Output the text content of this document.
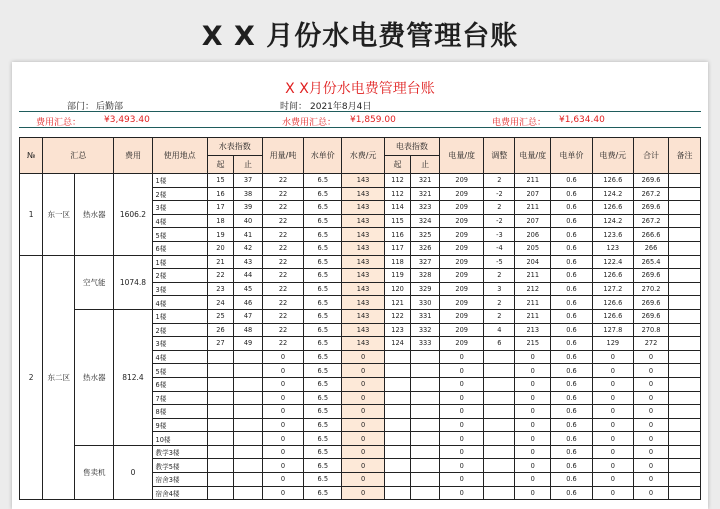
X X 月份水电费管理台账
X X月份水电费管理台账
部门： 后勤部	时间： 2021年8月4日
费用汇总：	¥3,493.40	水费用汇总： ¥1,859.00	电费用汇总： ¥1,634.40
№	汇总		费用	使用地点	水表指数		用量/吨	水单价	水费/元	电表指数		电量/度	调整	电量/度	电单价	电费/元	合计	备注
					起	止				起	止							
1	东一区	热水器	1606.2	1楼	15	37	22	6.5	143	112	321	209	2	211	0.6	126.6	269.6	
				2楼	16	38	22	6.5	143	112	321	209	-2	207	0.6	124.2	267.2	
				3楼	17	39	22	6.5	143	114	323	209	2	211	0.6	126.6	269.6	
				4楼	18	40	22	6.5	143	115	324	209	-2	207	0.6	124.2	267.2	
				5楼	19	41	22	6.5	143	116	325	209	-3	206	0.6	123.6	266.6	
				6楼	20	42	22	6.5	143	117	326	209	-4	205	0.6	123	266	
2	东二区	空气能	1074.8	1楼	21	43	22	6.5	143	118	327	209	-5	204	0.6	122.4	265.4	
				2楼	22	44	22	6.5	143	119	328	209	2	211	0.6	126.6	269.6	
				3楼	23	45	22	6.5	143	120	329	209	3	212	0.6	127.2	270.2	
				4楼	24	46	22	6.5	143	121	330	209	2	211	0.6	126.6	269.6	
		热水器	812.4	1楼	25	47	22	6.5	143	122	331	209	2	211	0.6	126.6	269.6	
				2楼	26	48	22	6.5	143	123	332	209	4	213	0.6	127.8	270.8	
				3楼	27	49	22	6.5	143	124	333	209	6	215	0.6	129	272	
				4楼			0	6.5	0			0		0	0.6	0	0	
				5楼			0	6.5	0			0		0	0.6	0	0	
				6楼			0	6.5	0			0		0	0.6	0	0	
				7楼			0	6.5	0			0		0	0.6	0	0	
				8楼			0	6.5	0			0		0	0.6	0	0	
				9楼			0	6.5	0			0		0	0.6	0	0	
				10楼			0	6.5	0			0		0	0.6	0	0	
		售卖机	0	教学3楼			0	6.5	0			0		0	0.6	0	0	
				教学5楼			0	6.5	0			0		0	0.6	0	0	
				宿舍3楼			0	6.5	0			0		0	0.6	0	0	
				宿舍4楼			0	6.5	0			0		0	0.6	0	0	
